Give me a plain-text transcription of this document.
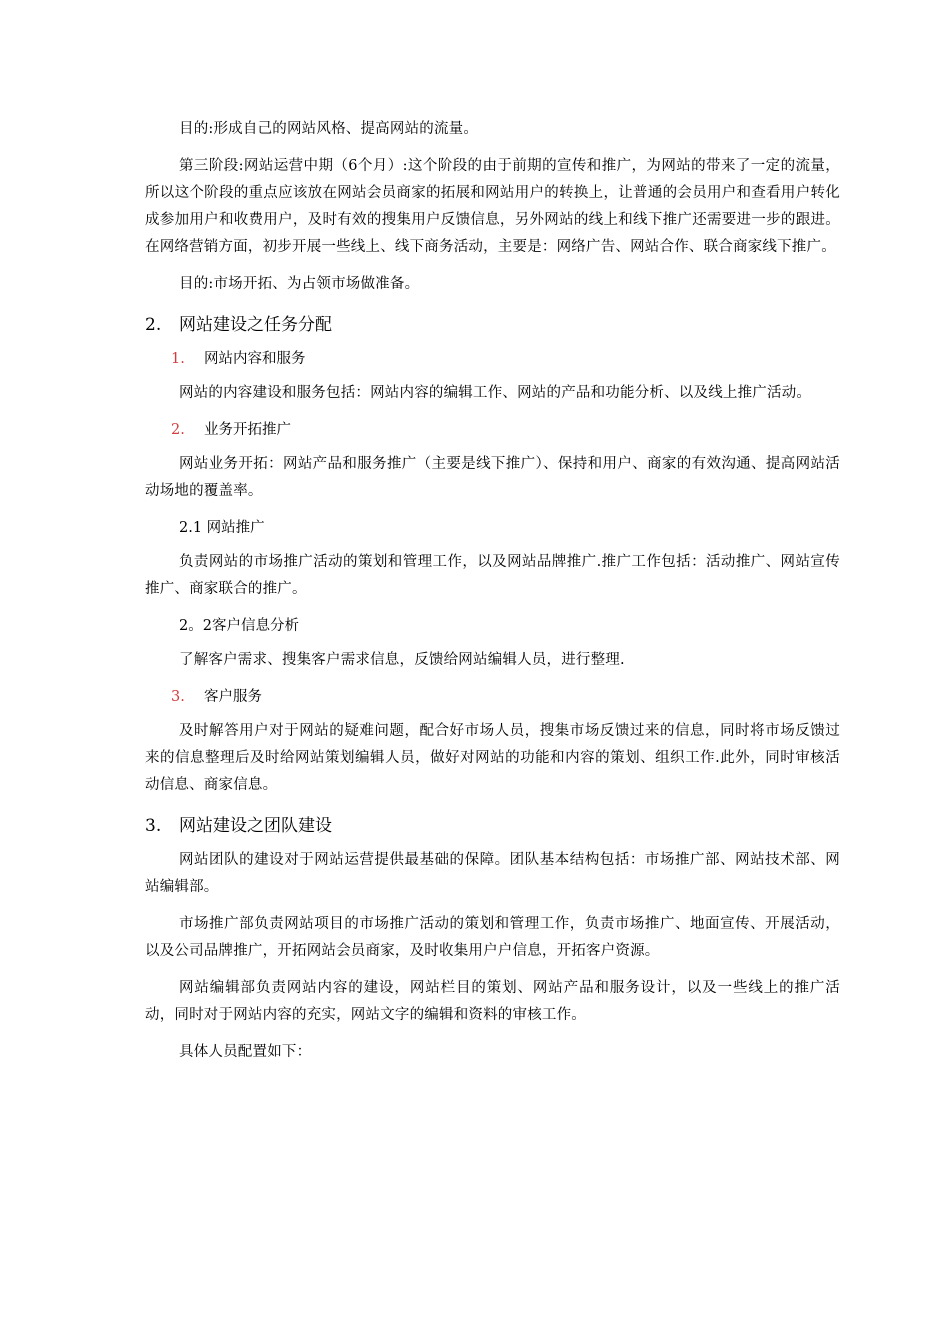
目的:形成自己的网站风格、提高网站的流量。

第三阶段:网站运营中期（6个月）:这个阶段的由于前期的宣传和推广，为网站的带来了一定的流量，所以这个阶段的重点应该放在网站会员商家的拓展和网站用户的转换上，让普通的会员用户和查看用户转化成参加用户和收费用户，及时有效的搜集用户反馈信息，另外网站的线上和线下推广还需要进一步的跟进。在网络营销方面，初步开展一些线上、线下商务活动，主要是：网络广告、网站合作、联合商家线下推广。

目的:市场开拓、为占领市场做准备。

2.	网站建设之任务分配
1.	网站内容和服务

网站的内容建设和服务包括：网站内容的编辑工作、网站的产品和功能分析、以及线上推广活动。

2.	业务开拓推广

网站业务开拓：网站产品和服务推广（主要是线下推广）、保持和用户、商家的有效沟通、提高网站活动场地的覆盖率。

2.1 网站推广

负责网站的市场推广活动的策划和管理工作，以及网站品牌推广.推广工作包括：活动推广、网站宣传推广、商家联合的推广。

2。2客户信息分析

了解客户需求、搜集客户需求信息，反馈给网站编辑人员，进行整理.

3.	客户服务

及时解答用户对于网站的疑难问题，配合好市场人员，搜集市场反馈过来的信息，同时将市场反馈过来的信息整理后及时给网站策划编辑人员，做好对网站的功能和内容的策划、组织工作.此外，同时审核活动信息、商家信息。

3.	网站建设之团队建设

网站团队的建设对于网站运营提供最基础的保障。团队基本结构包括：市场推广部、网站技术部、网站编辑部。

市场推广部负责网站项目的市场推广活动的策划和管理工作，负责市场推广、地面宣传、开展活动，以及公司品牌推广，开拓网站会员商家，及时收集用户户信息，开拓客户资源。

网站编辑部负责网站内容的建设，网站栏目的策划、网站产品和服务设计，以及一些线上的推广活动，同时对于网站内容的充实，网站文字的编辑和资料的审核工作。

具体人员配置如下：
